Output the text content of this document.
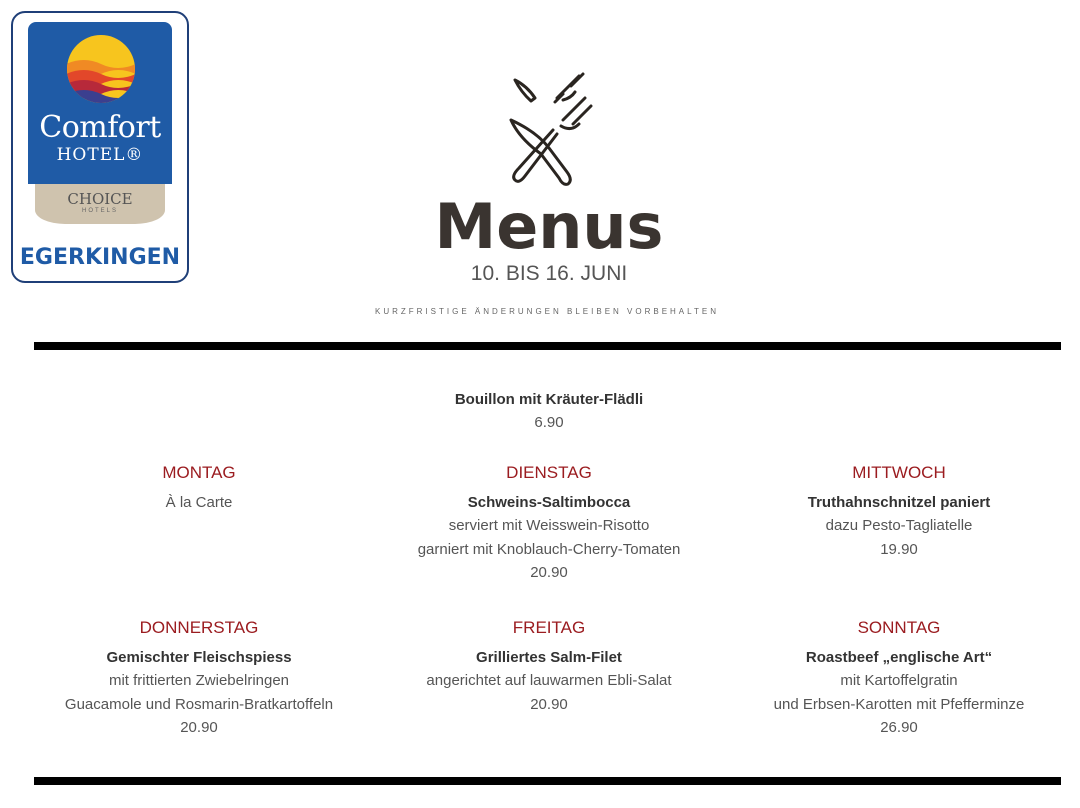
Comfort
HOTEL®
CHOICE
HOTELS
EGERKINGEN	Menus
10. BIS 16. JUNI
KURZFRISTIGE ÄNDERUNGEN BLEIBEN VORBEHALTEN
Bouillon mit Kräuter-Flädli
6.90
MONTAG
À la Carte
DIENSTAG
Schweins-Saltimbocca
serviert mit Weisswein-Risotto
garniert mit Knoblauch-Cherry-Tomaten
20.90
MITTWOCH
Truthahnschnitzel paniert
dazu Pesto-Tagliatelle
19.90
DONNERSTAG
Gemischter Fleischspiess
mit frittierten Zwiebelringen
Guacamole und Rosmarin-Bratkartoffeln
20.90
FREITAG
Grilliertes Salm-Filet
angerichtet auf lauwarmen Ebli-Salat
20.90
SONNTAG
Roastbeef „englische Art“
mit Kartoffelgratin
und Erbsen-Karotten mit Pfefferminze
26.90
